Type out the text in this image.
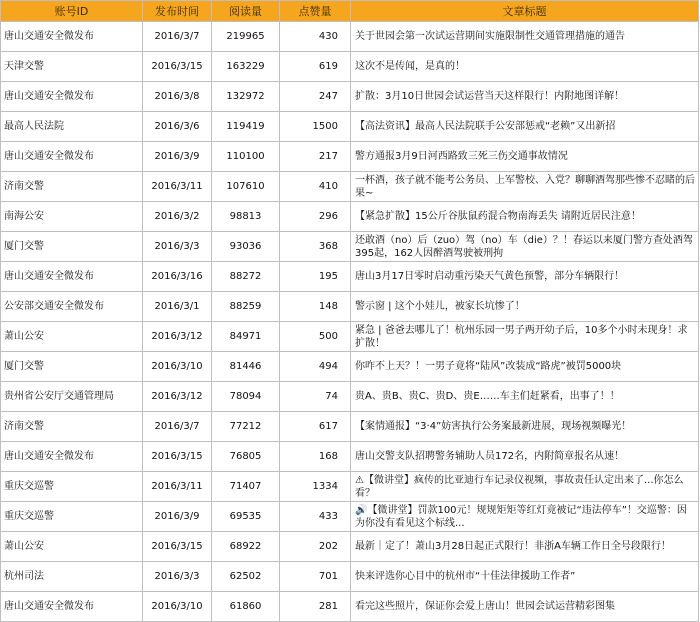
账号ID	发布时间	阅读量	点赞量	文章标题
唐山交通安全微发布	2016/3/7	219965	430	关于世园会第一次试运营期间实施限制性交通管理措施的通告
天津交警	2016/3/15	163229	619	这次不是传闻，是真的！
唐山交通安全微发布	2016/3/8	132972	247	扩散：3月10日世园会试运营当天这样限行！内附地图详解！
最高人民法院	2016/3/6	119419	1500	【高法资讯】最高人民法院联手公安部惩戒“老赖”又出新招
唐山交通安全微发布	2016/3/9	110100	217	警方通报3月9日河西路致三死三伤交通事故情况
济南交警	2016/3/11	107610	410	一杯酒，孩子就不能考公务员、上军警校、入党？聊聊酒驾那些惨不忍睹的后果~
南海公安	2016/3/2	98813	296	【紧急扩散】15公斤谷肽鼠药混合物南海丢失 请附近居民注意！
厦门交警	2016/3/3	93036	368	还敢酒（no）后（zuo）驾（no）车（die）？！春运以来厦门警方查处酒驾395起，162人因醉酒驾驶被刑拘
唐山交通安全微发布	2016/3/16	88272	195	唐山3月17日零时启动重污染天气黄色预警，部分车辆限行！
公安部交通安全微发布	2016/3/1	88259	148	警示窗 | 这个小娃儿，被家长坑惨了！
萧山公安	2016/3/12	84971	500	紧急 | 爸爸去哪儿了！杭州乐园一男子两开幼子后，10多个小时未现身！求扩散！
厦门交警	2016/3/10	81446	494	你咋不上天？！一男子竟将“陆风”改装成“路虎”被罚5000块
贵州省公安厅交通管理局	2016/3/12	78094	74	贵A、贵B、贵C、贵D、贵E……车主们赶紧看，出事了！！
济南交警	2016/3/7	77212	617	【案情通报】“3·4”妨害执行公务案最新进展，现场视频曝光！
唐山交通安全微发布	2016/3/15	76805	168	唐山交警支队招聘警务辅助人员172名，内附简章报名从速！
重庆交巡警	2016/3/11	71407	1334	⚠【微讲堂】疯传的比亚迪行车记录仪视频，事故责任认定出来了...你怎么看？
重庆交巡警	2016/3/9	69535	433	🔊【微讲堂】罚款100元！规规矩矩等红灯竟被记“违法停车”！交巡警：因为你没有看见这个标线...
萧山公安	2016/3/15	68922	202	最新｜定了！萧山3月28日起正式限行！非浙A车辆工作日全号段限行！
杭州司法	2016/3/3	62502	701	快来评选你心目中的杭州市“十佳法律援助工作者”
唐山交通安全微发布	2016/3/10	61860	281	看完这些照片，保证你会爱上唐山！世园会试运营精彩图集
